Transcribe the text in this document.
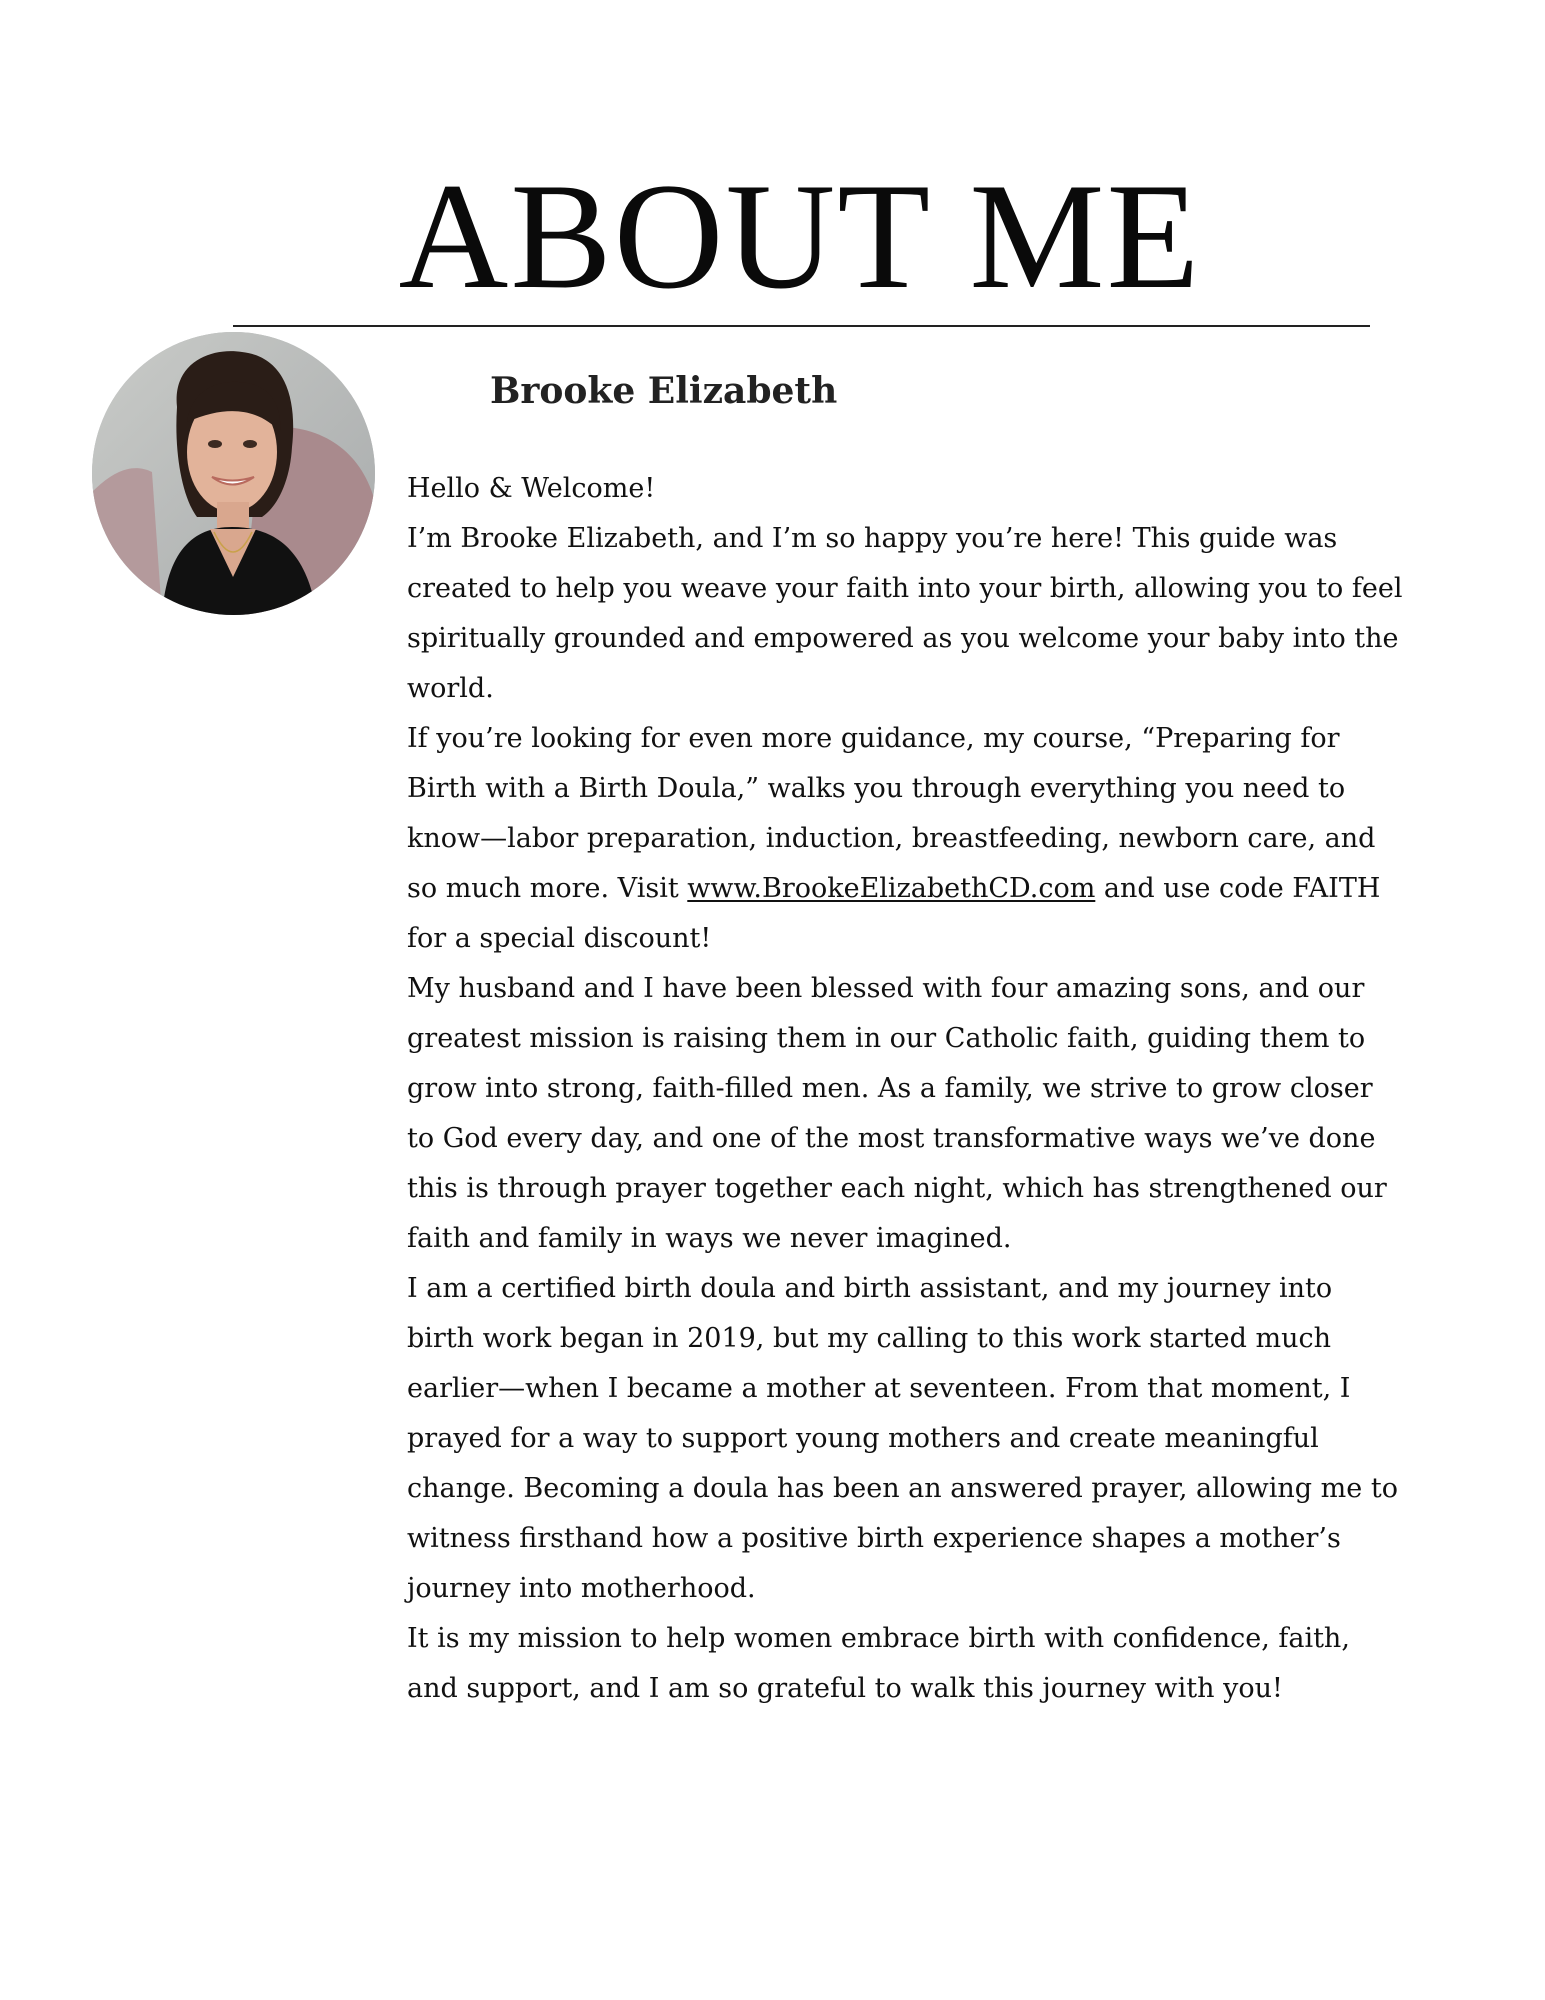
ABOUT ME
Brooke Elizabeth

Hello & Welcome!

I’m Brooke Elizabeth, and I’m so happy you’re here! This guide was created to help you weave your faith into your birth, allowing you to feel spiritually grounded and empowered as you welcome your baby into the world.

If you’re looking for even more guidance, my course, “Preparing for Birth with a Birth Doula,” walks you through everything you need to know—labor preparation, induction, breastfeeding, newborn care, and so much more. Visit www.BrookeElizabethCD.com and use code FAITH for a special discount!

My husband and I have been blessed with four amazing sons, and our greatest mission is raising them in our Catholic faith, guiding them to grow into strong, faith-filled men. As a family, we strive to grow closer to God every day, and one of the most transformative ways we’ve done this is through prayer together each night, which has strengthened our faith and family in ways we never imagined.

I am a certified birth doula and birth assistant, and my journey into birth work began in 2019, but my calling to this work started much earlier—when I became a mother at seventeen. From that moment, I prayed for a way to support young mothers and create meaningful change. Becoming a doula has been an answered prayer, allowing me to witness firsthand how a positive birth experience shapes a mother’s journey into motherhood.

It is my mission to help women embrace birth with confidence, faith, and support, and I am so grateful to walk this journey with you!
